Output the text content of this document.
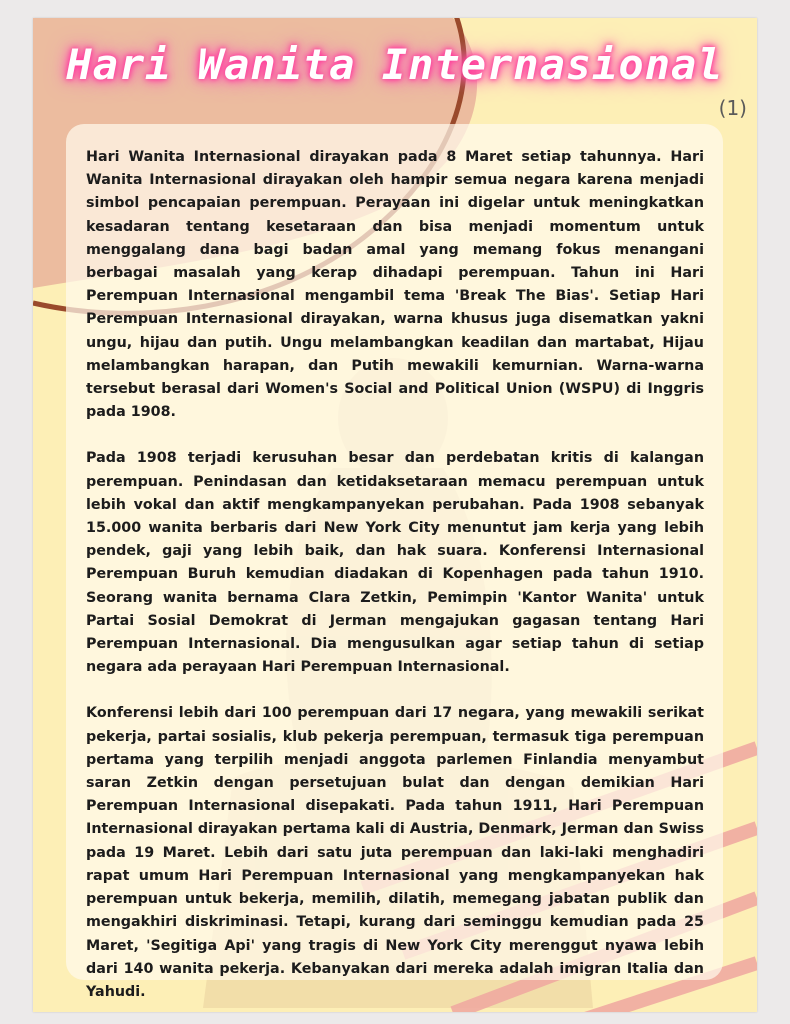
Hari Wanita Internasional
(1)

Hari Wanita Internasional dirayakan pada 8 Maret setiap tahunnya. Hari Wanita Internasional dirayakan oleh hampir semua negara karena menjadi simbol pencapaian perempuan. Perayaan ini digelar untuk meningkatkan kesadaran tentang kesetaraan dan bisa menjadi momentum untuk menggalang dana bagi badan amal yang memang fokus menangani berbagai masalah yang kerap dihadapi perempuan. Tahun ini Hari Perempuan Internasional mengambil tema 'Break The Bias'. Setiap Hari Perempuan Internasional dirayakan, warna khusus juga disematkan yakni ungu, hijau dan putih. Ungu melambangkan keadilan dan martabat, Hijau melambangkan harapan, dan Putih mewakili kemurnian. Warna-warna tersebut berasal dari Women's Social and Political Union (WSPU) di Inggris pada 1908.

Pada 1908 terjadi kerusuhan besar dan perdebatan kritis di kalangan perempuan. Penindasan dan ketidaksetaraan memacu perempuan untuk lebih vokal dan aktif mengkampanyekan perubahan. Pada 1908 sebanyak 15.000 wanita berbaris dari New York City menuntut jam kerja yang lebih pendek, gaji yang lebih baik, dan hak suara. Konferensi Internasional Perempuan Buruh kemudian diadakan di Kopenhagen pada tahun 1910. Seorang wanita bernama Clara Zetkin, Pemimpin 'Kantor Wanita' untuk Partai Sosial Demokrat di Jerman mengajukan gagasan tentang Hari Perempuan Internasional. Dia mengusulkan agar setiap tahun di setiap negara ada perayaan Hari Perempuan Internasional.

Konferensi lebih dari 100 perempuan dari 17 negara, yang mewakili serikat pekerja, partai sosialis, klub pekerja perempuan, termasuk tiga perempuan pertama yang terpilih menjadi anggota parlemen Finlandia menyambut saran Zetkin dengan persetujuan bulat dan dengan demikian Hari Perempuan Internasional disepakati. Pada tahun 1911, Hari Perempuan Internasional dirayakan pertama kali di Austria, Denmark, Jerman dan Swiss pada 19 Maret. Lebih dari satu juta perempuan dan laki-laki menghadiri rapat umum Hari Perempuan Internasional yang mengkampanyekan hak perempuan untuk bekerja, memilih, dilatih, memegang jabatan publik dan mengakhiri diskriminasi. Tetapi, kurang dari seminggu kemudian pada 25 Maret, 'Segitiga Api' yang tragis di New York City merenggut nyawa lebih dari 140 wanita pekerja. Kebanyakan dari mereka adalah imigran Italia dan Yahudi.
